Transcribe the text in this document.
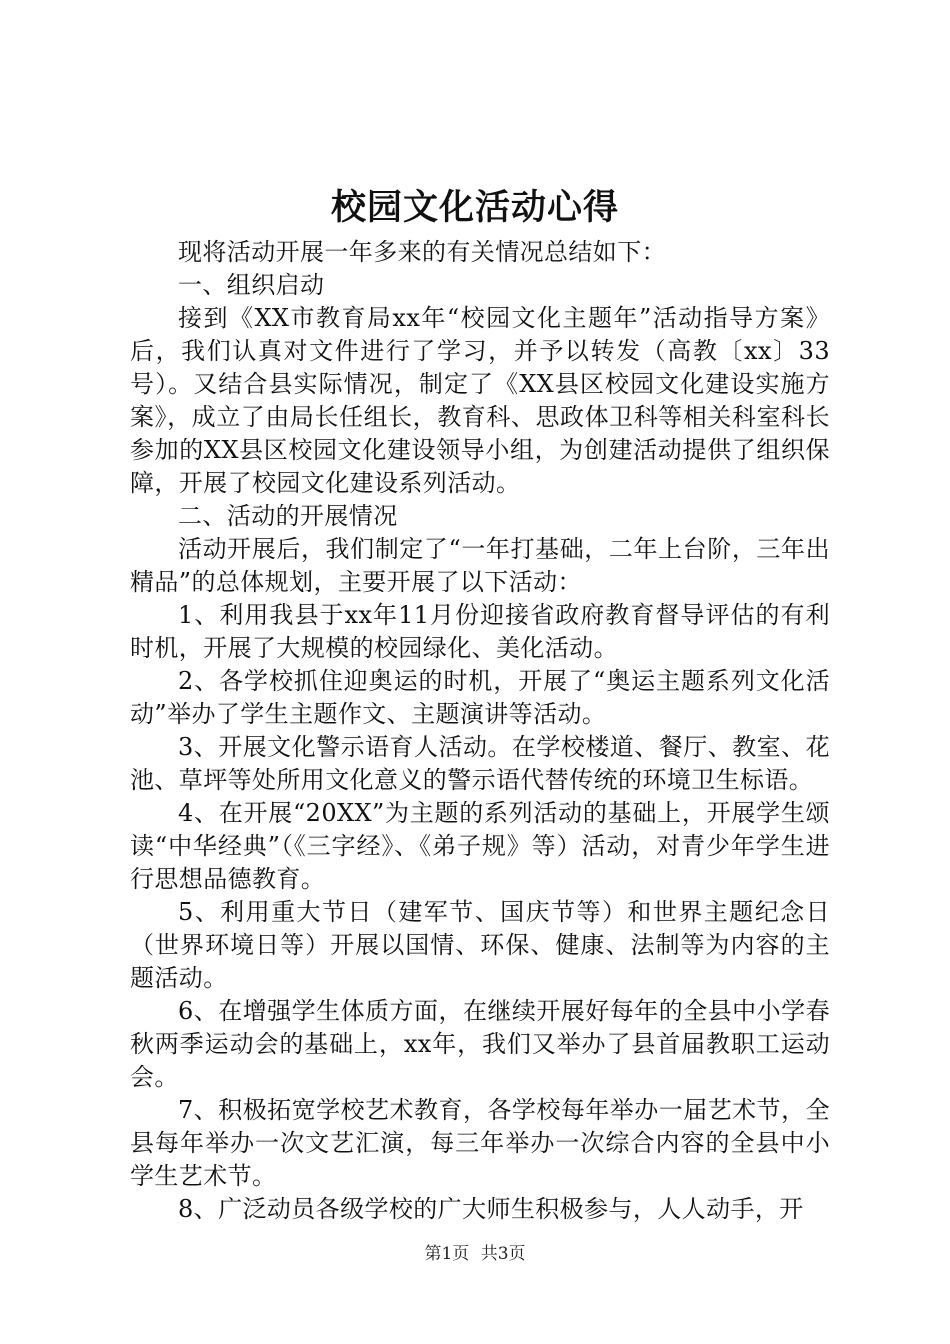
校园文化活动心得

现将活动开展一年多来的有关情况总结如下：

一、组织启动

接到《XX市教育局xx年“校园文化主题年”活动指导方案》后，我们认真对文件进行了学习，并予以转发（高教〔xx〕33号）。又结合县实际情况，制定了《XX县区校园文化建设实施方案》，成立了由局长任组长，教育科、思政体卫科等相关科室科长参加的XX县区校园文化建设领导小组，为创建活动提供了组织保障，开展了校园文化建设系列活动。

二、活动的开展情况

活动开展后，我们制定了“一年打基础，二年上台阶，三年出精品”的总体规划，主要开展了以下活动：

1、利用我县于xx年11月份迎接省政府教育督导评估的有利时机，开展了大规模的校园绿化、美化活动。

2、各学校抓住迎奥运的时机，开展了“奥运主题系列文化活动”举办了学生主题作文、主题演讲等活动。

3、开展文化警示语育人活动。在学校楼道、餐厅、教室、花池、草坪等处所用文化意义的警示语代替传统的环境卫生标语。

4、在开展“20XX”为主题的系列活动的基础上，开展学生颂读“中华经典”（《三字经》、《弟子规》等）活动，对青少年学生进行思想品德教育。

5、利用重大节日（建军节、国庆节等）和世界主题纪念日（世界环境日等）开展以国情、环保、健康、法制等为内容的主题活动。

6、在增强学生体质方面，在继续开展好每年的全县中小学春秋两季运动会的基础上，xx年，我们又举办了县首届教职工运动会。

7、积极拓宽学校艺术教育，各学校每年举办一届艺术节，全县每年举办一次文艺汇演，每三年举办一次综合内容的全县中小学生艺术节。

8、广泛动员各级学校的广大师生积极参与，人人动手，开

第1页 共3页
